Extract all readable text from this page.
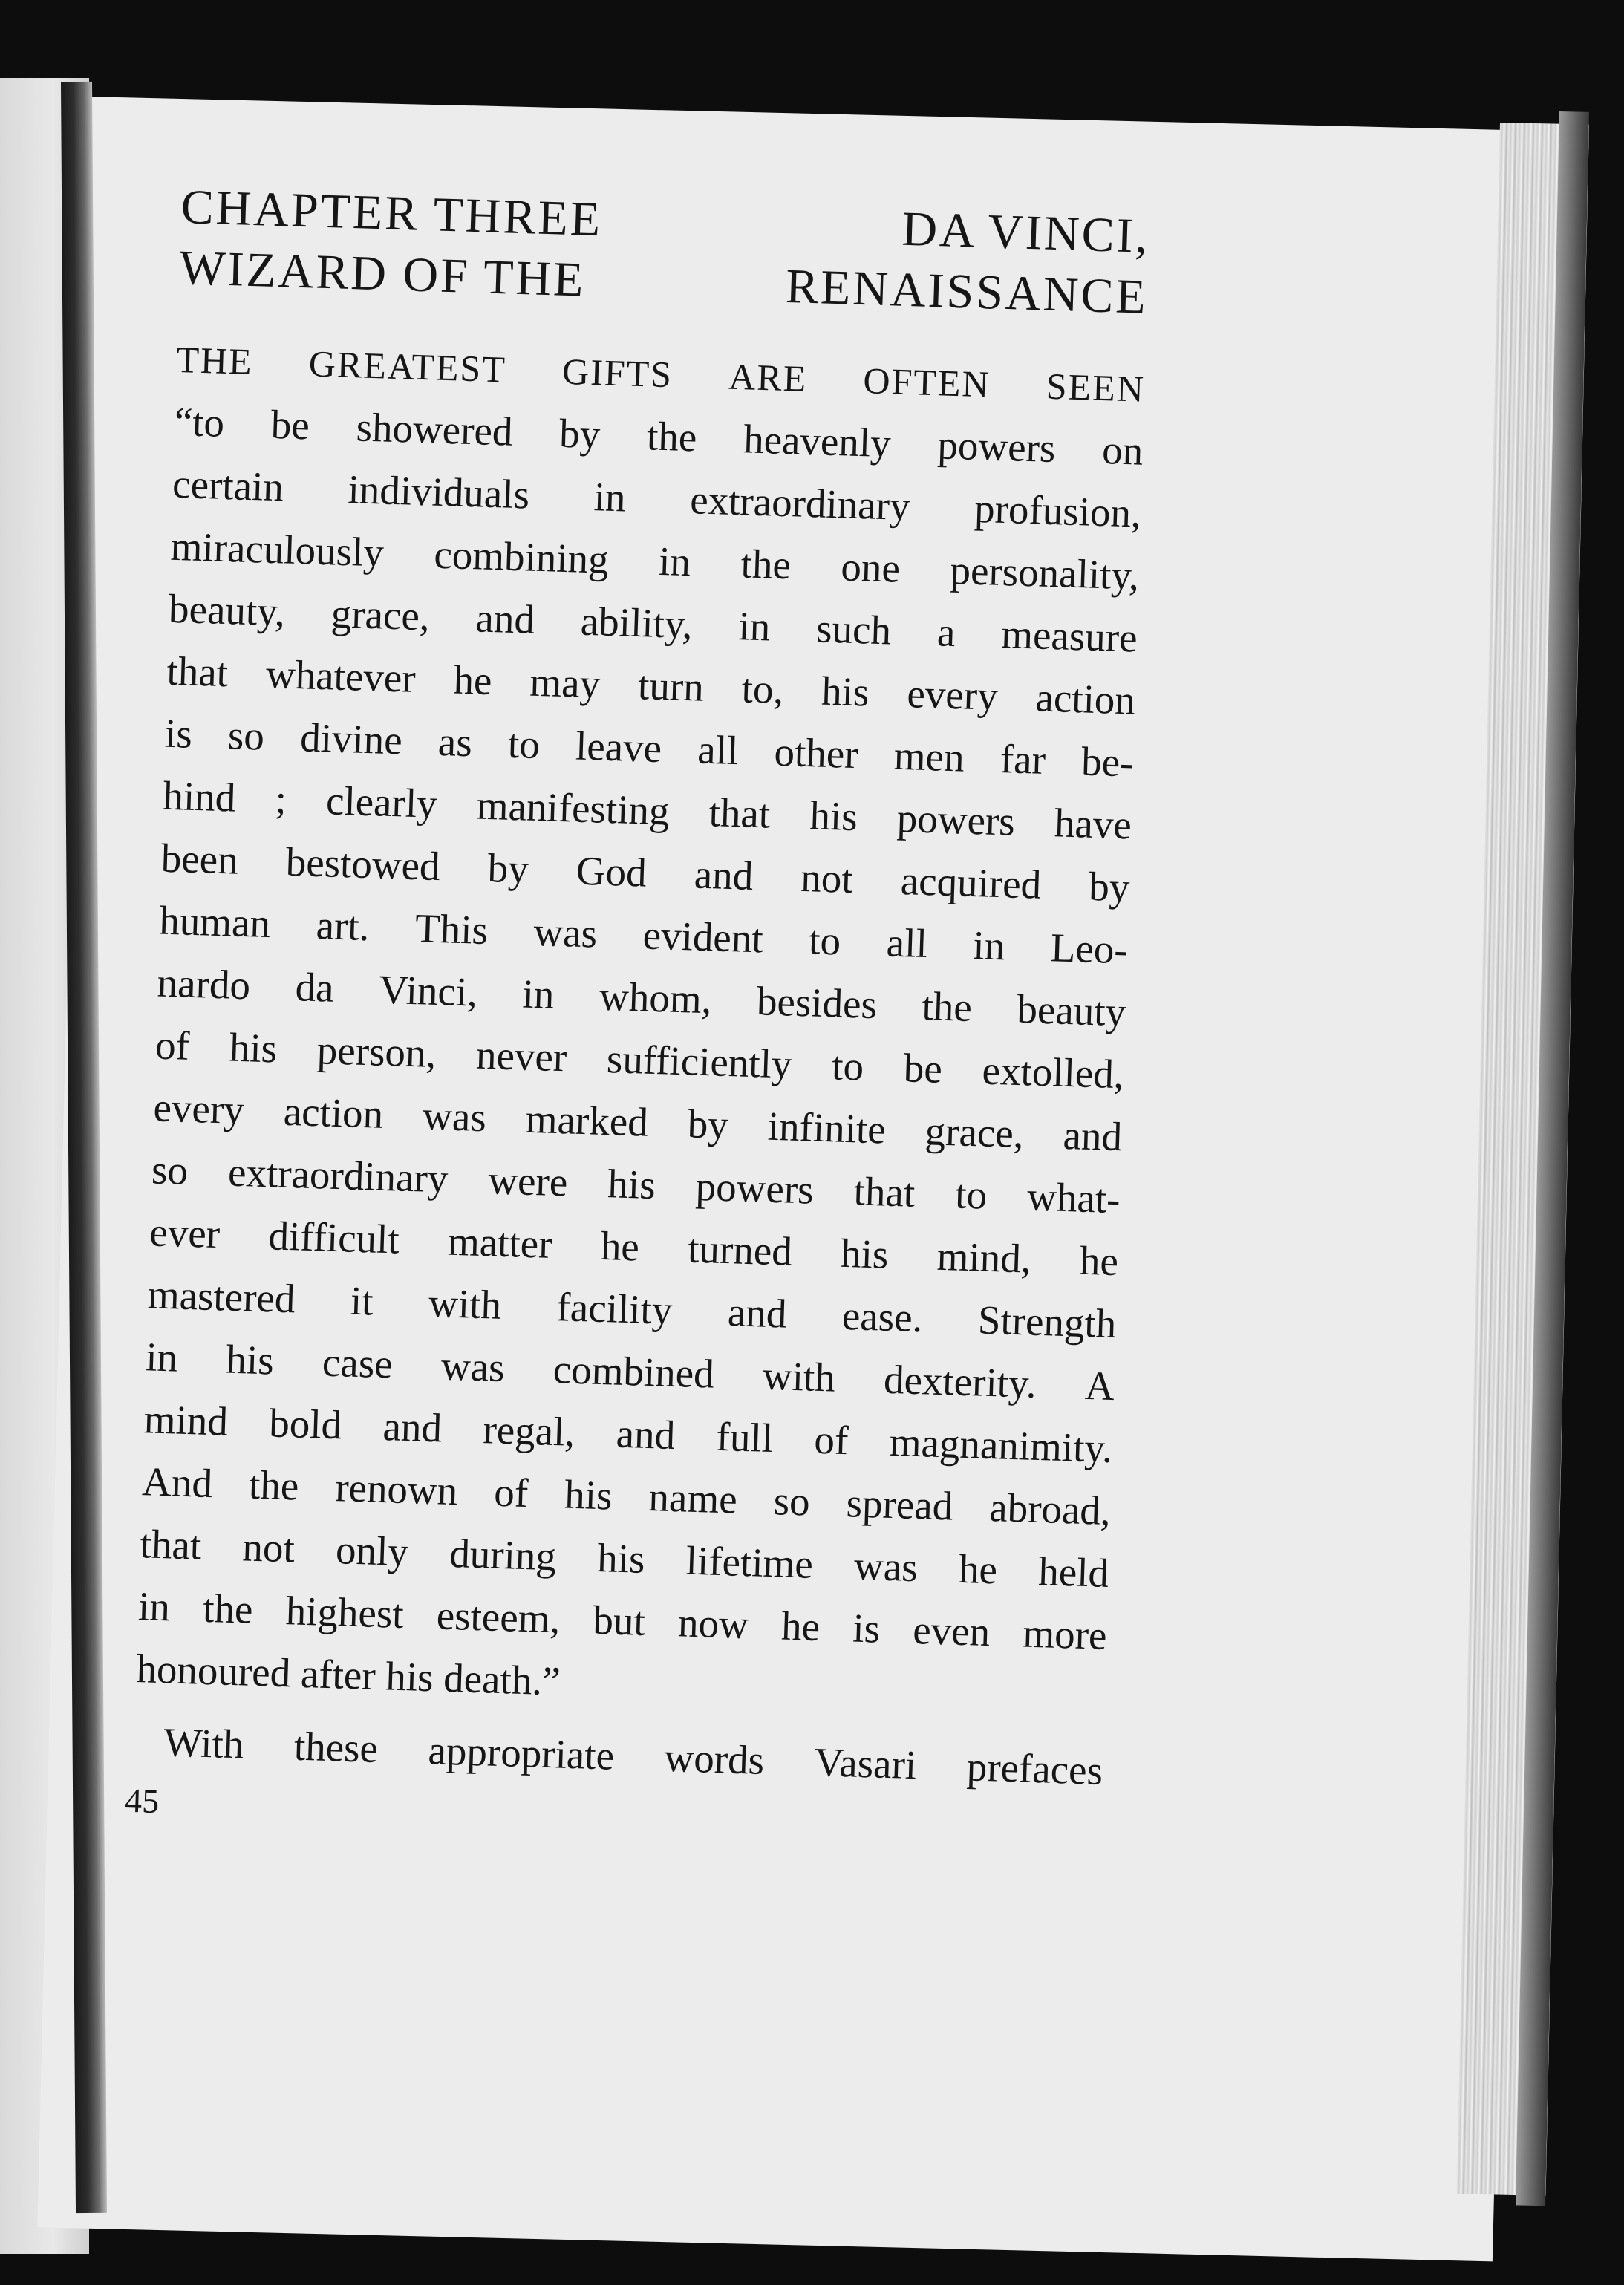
CHAPTER THREE	DA VINCI,
WIZARD OF THE	RENAISSANCE
THE GREATEST GIFTS ARE OFTEN SEEN
“to be showered by the heavenly powers on
certain individuals in extraordinary profusion,
miraculously combining in the one personality,
beauty, grace, and ability, in such a measure
that whatever he may turn to, his every action
is so divine as to leave all other men far be-
hind ; clearly manifesting that his powers have
been bestowed by God and not acquired by
human art. This was evident to all in Leo-
nardo da Vinci, in whom, besides the beauty
of his person, never sufficiently to be extolled,
every action was marked by infinite grace, and
so extraordinary were his powers that to what-
ever difficult matter he turned his mind, he
mastered it with facility and ease. Strength
in his case was combined with dexterity. A
mind bold and regal, and full of magnanimity.
And the renown of his name so spread abroad,
that not only during his lifetime was he held
in the highest esteem, but now he is even more
honoured after his death.”
With these appropriate words Vasari prefaces
45
